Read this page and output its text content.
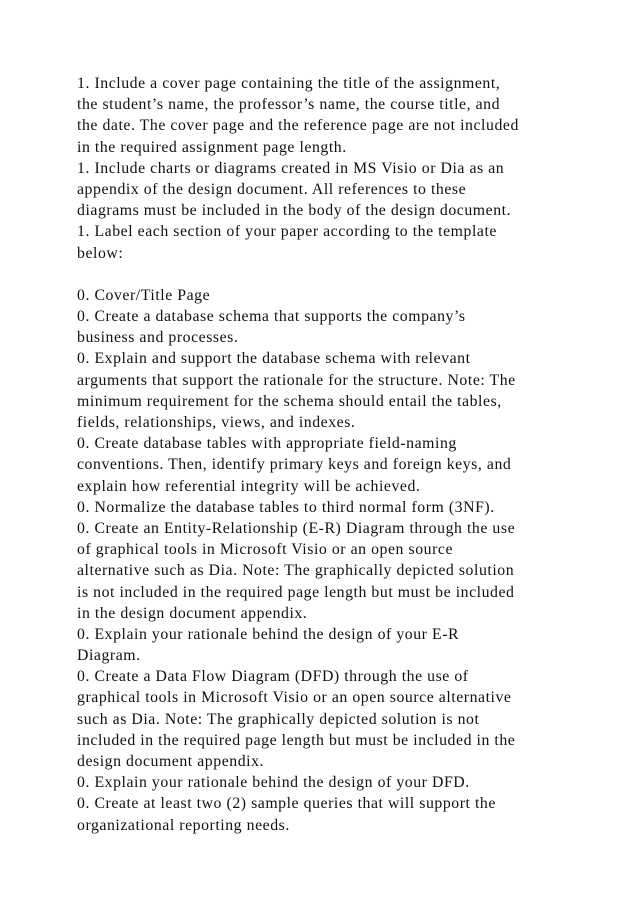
1. Include a cover page containing the title of the assignment,
the student’s name, the professor’s name, the course title, and
the date. The cover page and the reference page are not included
in the required assignment page length.
1. Include charts or diagrams created in MS Visio or Dia as an
appendix of the design document. All references to these
diagrams must be included in the body of the design document.
1. Label each section of your paper according to the template
below:
0. Cover/Title Page
0. Create a database schema that supports the company’s
business and processes.
0. Explain and support the database schema with relevant
arguments that support the rationale for the structure. Note: The
minimum requirement for the schema should entail the tables,
fields, relationships, views, and indexes.
0. Create database tables with appropriate field-naming
conventions. Then, identify primary keys and foreign keys, and
explain how referential integrity will be achieved.
0. Normalize the database tables to third normal form (3NF).
0. Create an Entity-Relationship (E-R) Diagram through the use
of graphical tools in Microsoft Visio or an open source
alternative such as Dia. Note: The graphically depicted solution
is not included in the required page length but must be included
in the design document appendix.
0. Explain your rationale behind the design of your E-R
Diagram.
0. Create a Data Flow Diagram (DFD) through the use of
graphical tools in Microsoft Visio or an open source alternative
such as Dia. Note: The graphically depicted solution is not
included in the required page length but must be included in the
design document appendix.
0. Explain your rationale behind the design of your DFD.
0. Create at least two (2) sample queries that will support the
organizational reporting needs.
